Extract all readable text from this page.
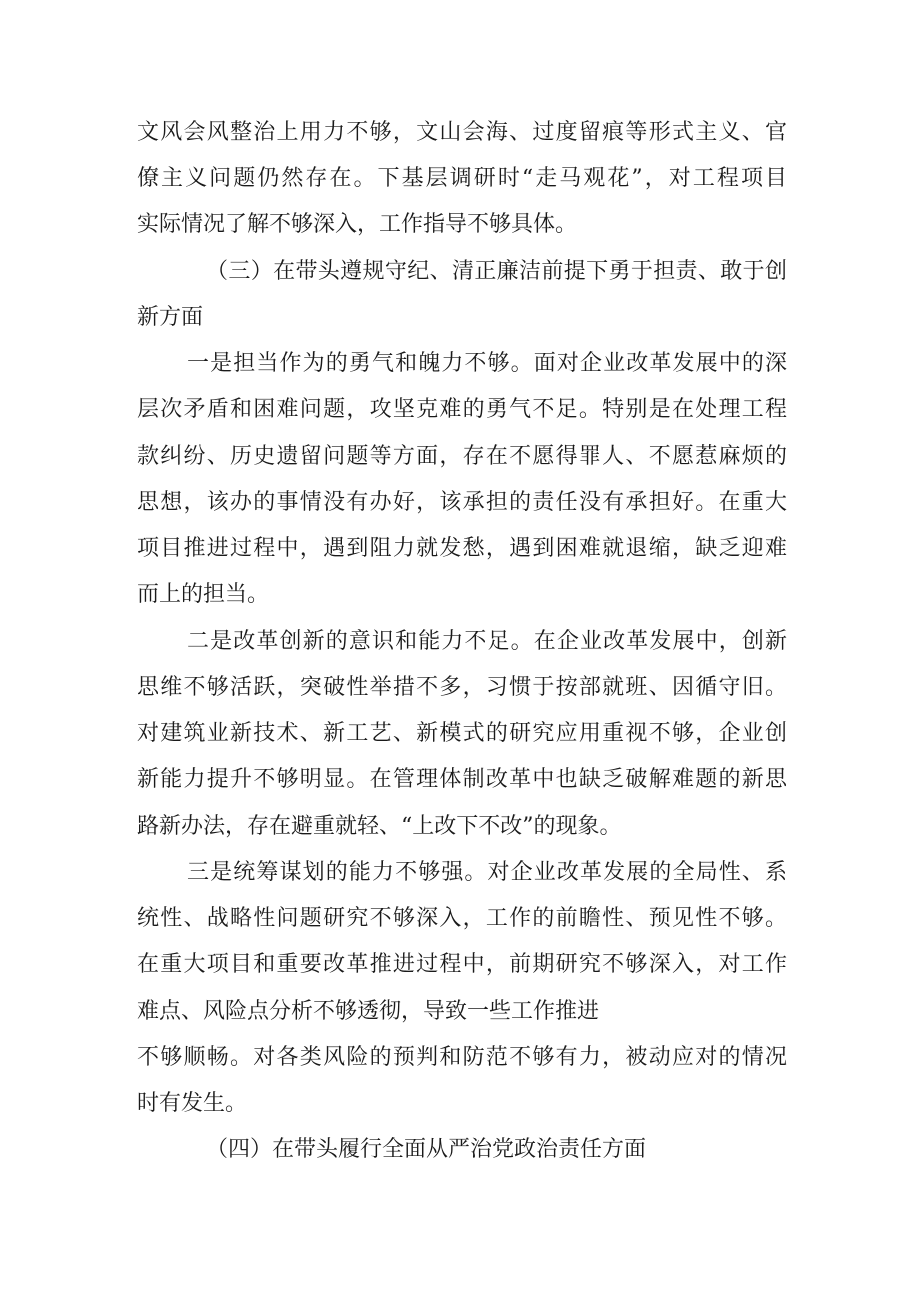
文风会风整治上用力不够，文山会海、过度留痕等形式主义、官
僚主义问题仍然存在。下基层调研时“走马观花”，对工程项目
实际情况了解不够深入，工作指导不够具体。
（三）在带头遵规守纪、清正廉洁前提下勇于担责、敢于创
新方面
一是担当作为的勇气和魄力不够。面对企业改革发展中的深
层次矛盾和困难问题，攻坚克难的勇气不足。特别是在处理工程
款纠纷、历史遗留问题等方面，存在不愿得罪人、不愿惹麻烦的
思想，该办的事情没有办好，该承担的责任没有承担好。在重大
项目推进过程中，遇到阻力就发愁，遇到困难就退缩，缺乏迎难
而上的担当。
二是改革创新的意识和能力不足。在企业改革发展中，创新
思维不够活跃，突破性举措不多，习惯于按部就班、因循守旧。
对建筑业新技术、新工艺、新模式的研究应用重视不够，企业创
新能力提升不够明显。在管理体制改革中也缺乏破解难题的新思
路新办法，存在避重就轻、“上改下不改”的现象。
三是统筹谋划的能力不够强。对企业改革发展的全局性、系
统性、战略性问题研究不够深入，工作的前瞻性、预见性不够。
在重大项目和重要改革推进过程中，前期研究不够深入，对工作
难点、风险点分析不够透彻，导致一些工作推进
不够顺畅。对各类风险的预判和防范不够有力，被动应对的情况
时有发生。
（四）在带头履行全面从严治党政治责任方面
